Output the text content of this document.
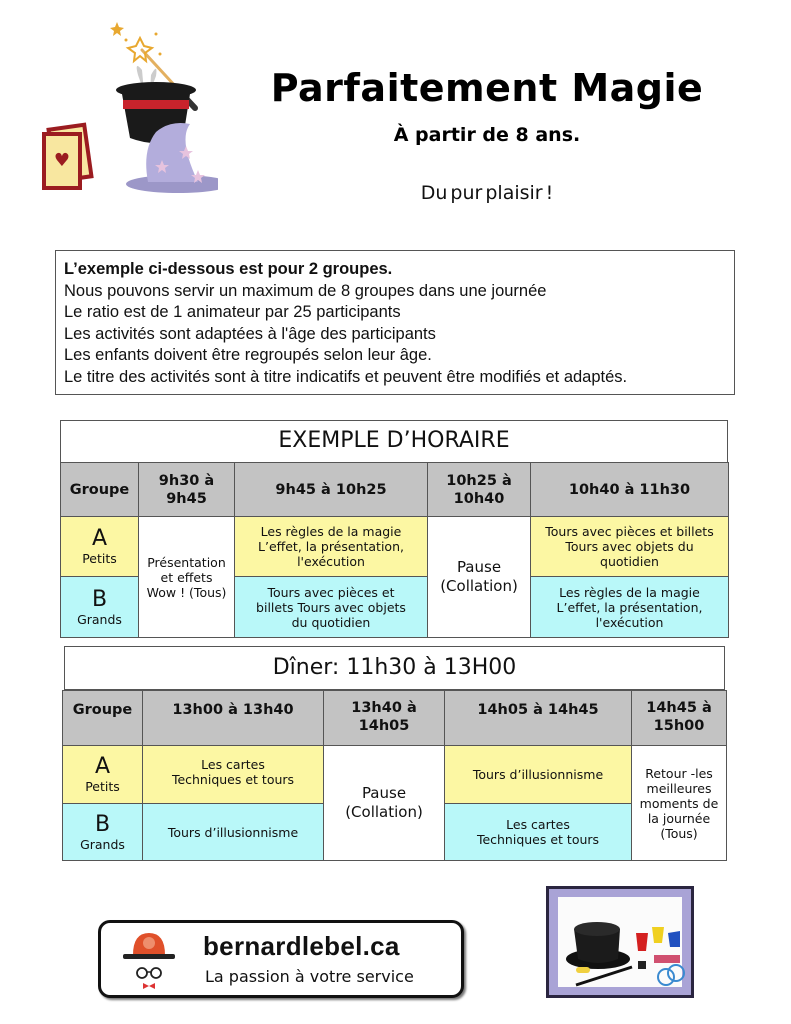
♥
Parfaitement Magie
À partir de 8 ans.
Du pur plaisir !
L’exemple ci-dessous est pour 2 groupes.
Nous pouvons servir un maximum de 8 groupes dans une journée
Le ratio est de 1 animateur par 25 participants
Les activités sont adaptées à l'âge des participants
Les enfants doivent être regroupés selon leur âge.
Le titre des activités sont à titre indicatifs et peuvent être modifiés et adaptés.
EXEMPLE D’HORAIRE
Groupe	9h30 à 9h45	9h45 à 10h25	10h25 à 10h40	10h40 à 11h30

A
Petits	Présentation et effets Wow ! (Tous)	Les règles de la magie L’effet, la présentation, l'exécution	Pause (Collation)	Tours avec pièces et billets Tours avec objets du quotidien

B
Grands		Tours avec pièces et billets Tours avec objets du quotidien		Les règles de la magie L’effet, la présentation, l'exécution
Dîner: 11h30 à 13H00
Groupe	13h00 à 13h40	13h40 à 14h05	14h05 à 14h45	14h45 à 15h00

A
Petits	Les cartes Techniques et tours	Pause (Collation)	Tours d’illusionnisme	Retour -les meilleures moments de la journée (Tous)

B
Grands	Tours d’illusionnisme		Les cartes Techniques et tours	
bernardlebel.ca
La passion à votre service
